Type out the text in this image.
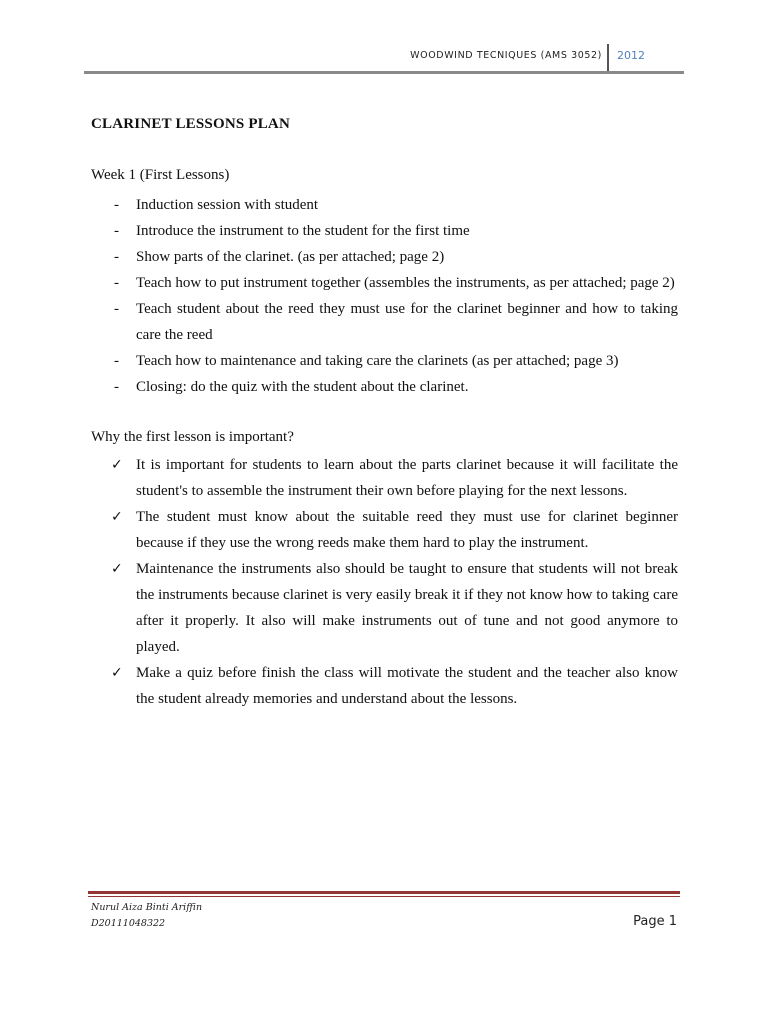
WOODWIND TECNIQUES (AMS 3052) 2012
CLARINET LESSONS PLAN
Week 1 (First Lessons)
- Induction session with student
- Introduce the instrument to the student for the first time
- Show parts of the clarinet. (as per attached; page 2)
- Teach how to put instrument together (assembles the instruments, as per attached; page 2)
- Teach student about the reed they must use for the clarinet beginner and how to taking care the reed
- Teach how to maintenance and taking care the clarinets (as per attached; page 3)
- Closing: do the quiz with the student about the clarinet.
Why the first lesson is important?
✓ It is important for students to learn about the parts clarinet because it will facilitate the student's to assemble the instrument their own before playing for the next lessons.
✓ The student must know about the suitable reed they must use for clarinet beginner because if they use the wrong reeds make them hard to play the instrument.
✓ Maintenance the instruments also should be taught to ensure that students will not break the instruments because clarinet is very easily break it if they not know how to taking care after it properly. It also will make instruments out of tune and not good anymore to played.
✓ Make a quiz before finish the class will motivate the student and the teacher also know the student already memories and understand about the lessons.
Nurul Aiza Binti Ariffin
D20111048322	Page 1
